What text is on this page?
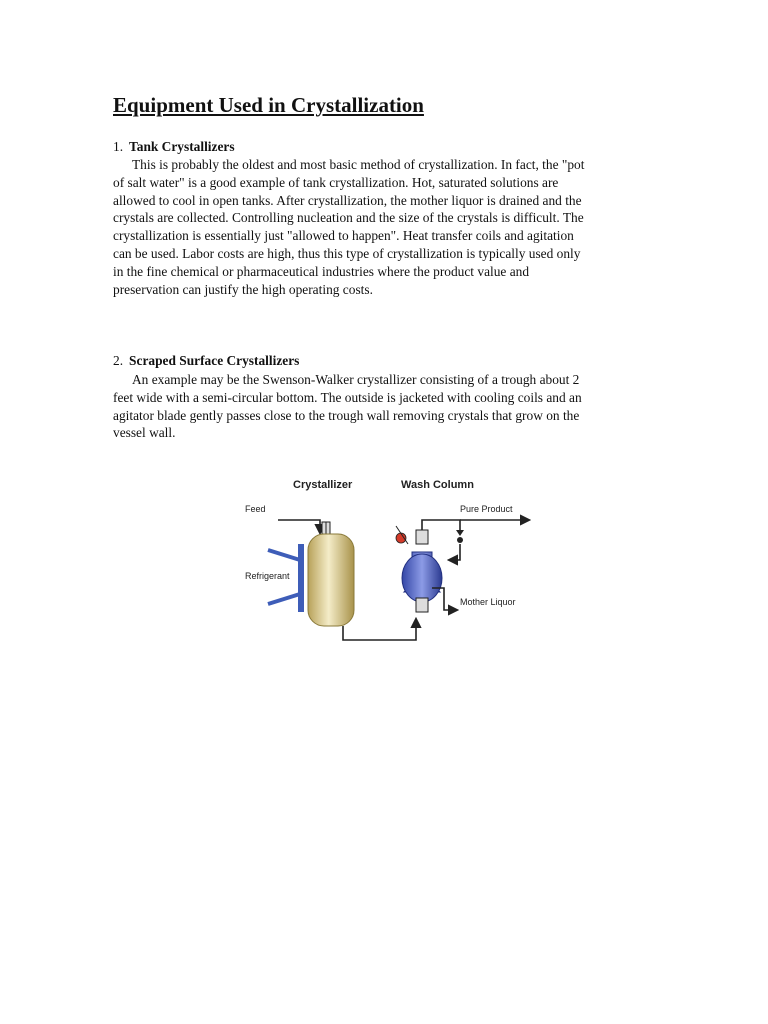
Equipment Used in Crystallization
1. Tank Crystallizers
This is probably the oldest and most basic method of crystallization. In fact, the "pot
of salt water" is a good example of tank crystallization. Hot, saturated solutions are
allowed to cool in open tanks. After crystallization, the mother liquor is drained and the
crystals are collected. Controlling nucleation and the size of the crystals is difficult. The
crystallization is essentially just "allowed to happen". Heat transfer coils and agitation
can be used. Labor costs are high, thus this type of crystallization is typically used only
in the fine chemical or pharmaceutical industries where the product value and
preservation can justify the high operating costs.
2. Scraped Surface Crystallizers
An example may be the Swenson-Walker crystallizer consisting of a trough about 2
feet wide with a semi-circular bottom. The outside is jacketed with cooling coils and an
agitator blade gently passes close to the trough wall removing crystals that grow on the
vessel wall.
Crystallizer	Wash Column
Feed
Refrigerant
Pure Product
Mother Liquor
